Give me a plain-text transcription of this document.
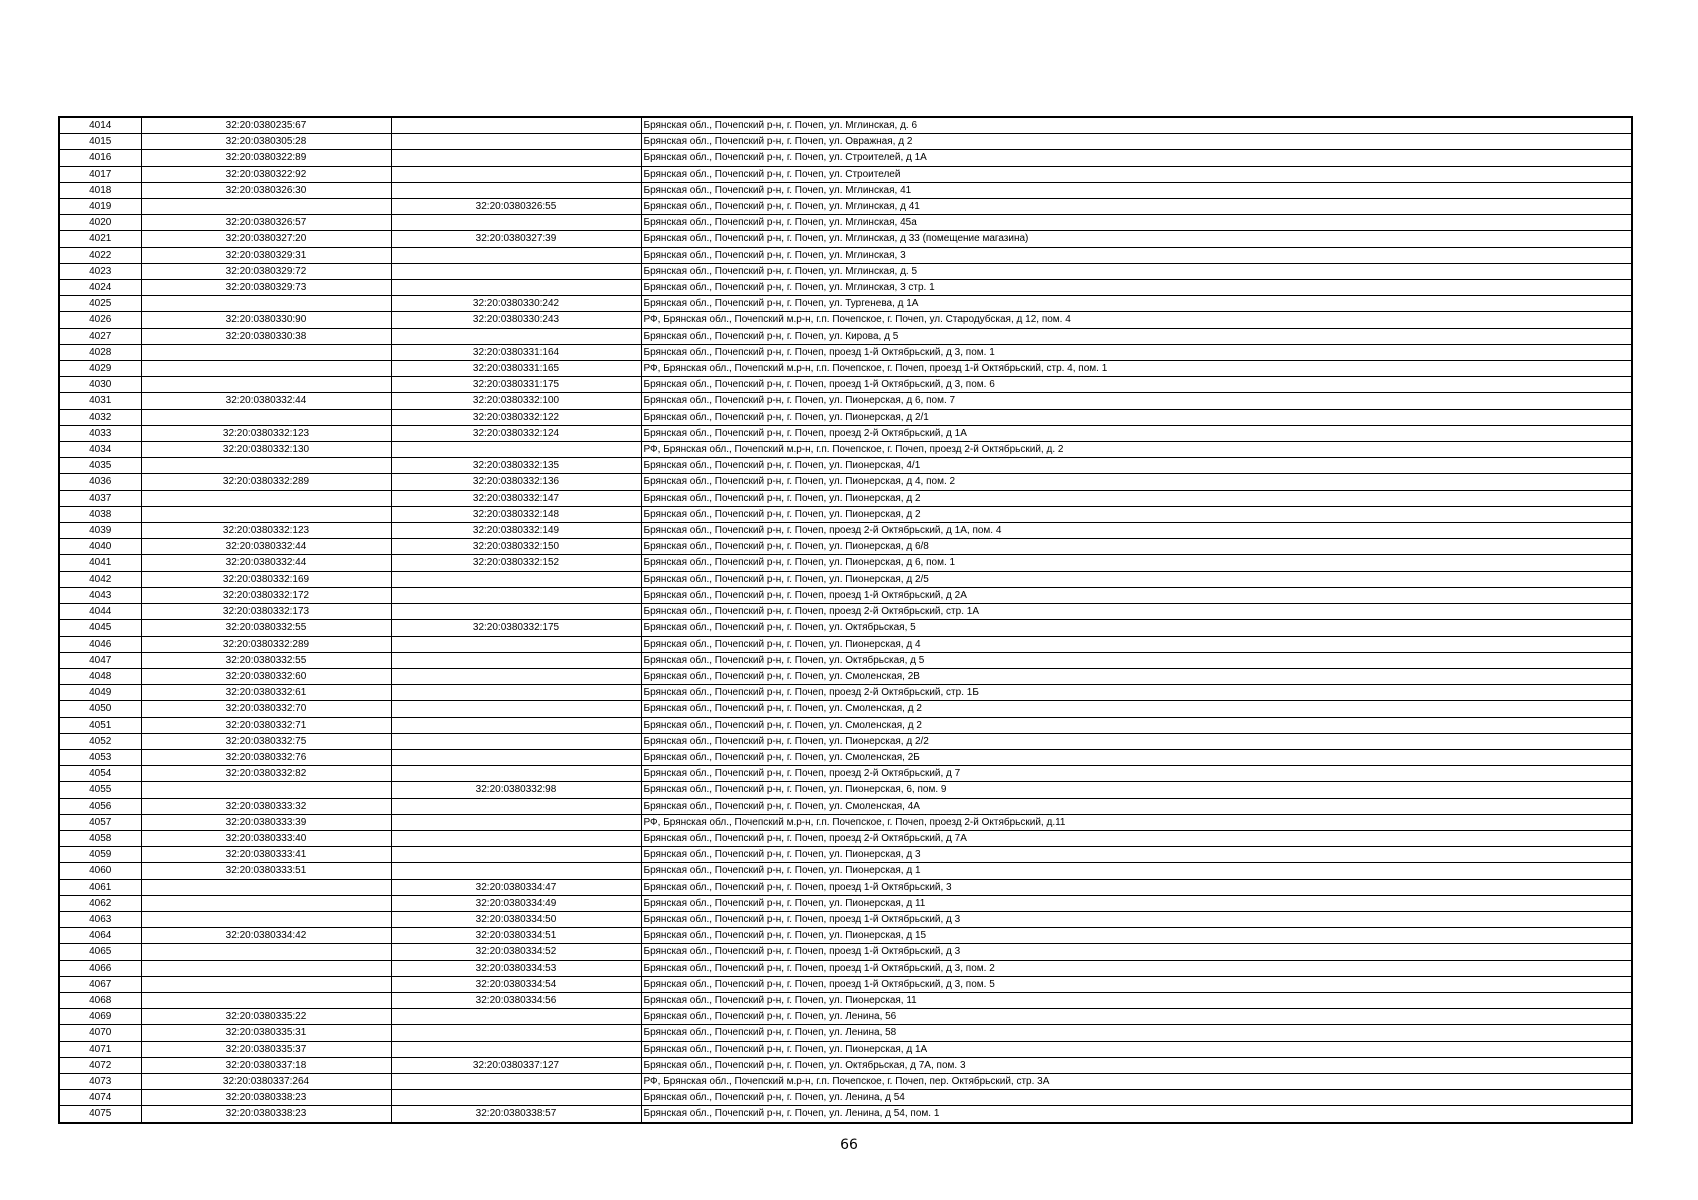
4014	32:20:0380235:67		Брянская обл., Почепский р-н, г. Почеп, ул. Мглинская, д. 6
4015	32:20:0380305:28		Брянская обл., Почепский р-н, г. Почеп, ул. Овражная, д 2
4016	32:20:0380322:89		Брянская обл., Почепский р-н, г. Почеп, ул. Строителей, д 1А
4017	32:20:0380322:92		Брянская обл., Почепский р-н, г. Почеп, ул. Строителей
4018	32:20:0380326:30		Брянская обл., Почепский р-н, г. Почеп, ул. Мглинская, 41
4019		32:20:0380326:55	Брянская обл., Почепский р-н, г. Почеп, ул. Мглинская, д 41
4020	32:20:0380326:57		Брянская обл., Почепский р-н, г. Почеп, ул. Мглинская, 45а
4021	32:20:0380327:20	32:20:0380327:39	Брянская обл., Почепский р-н, г. Почеп, ул. Мглинская, д 33 (помещение магазина)
4022	32:20:0380329:31		Брянская обл., Почепский р-н, г. Почеп, ул. Мглинская, 3
4023	32:20:0380329:72		Брянская обл., Почепский р-н, г. Почеп, ул. Мглинская, д. 5
4024	32:20:0380329:73		Брянская обл., Почепский р-н, г. Почеп, ул. Мглинская, 3 стр. 1
4025		32:20:0380330:242	Брянская обл., Почепский р-н, г. Почеп, ул. Тургенева, д 1А
4026	32:20:0380330:90	32:20:0380330:243	РФ, Брянская обл., Почепский м.р-н, г.п. Почепское, г. Почеп, ул. Стародубская, д 12, пом. 4
4027	32:20:0380330:38		Брянская обл., Почепский р-н, г. Почеп, ул. Кирова, д 5
4028		32:20:0380331:164	Брянская обл., Почепский р-н, г. Почеп, проезд 1-й Октябрьский, д 3, пом. 1
4029		32:20:0380331:165	РФ, Брянская обл., Почепский м.р-н, г.п. Почепское, г. Почеп, проезд 1-й Октябрьский, стр. 4, пом. 1
4030		32:20:0380331:175	Брянская обл., Почепский р-н, г. Почеп, проезд 1-й Октябрьский, д 3, пом. 6
4031	32:20:0380332:44	32:20:0380332:100	Брянская обл., Почепский р-н, г. Почеп, ул. Пионерская, д 6, пом. 7
4032		32:20:0380332:122	Брянская обл., Почепский р-н, г. Почеп, ул. Пионерская, д 2/1
4033	32:20:0380332:123	32:20:0380332:124	Брянская обл., Почепский р-н, г. Почеп, проезд 2-й Октябрьский, д 1А
4034	32:20:0380332:130		РФ, Брянская обл., Почепский м.р-н, г.п. Почепское, г. Почеп, проезд 2-й Октябрьский, д. 2
4035		32:20:0380332:135	Брянская обл., Почепский р-н, г. Почеп, ул. Пионерская, 4/1
4036	32:20:0380332:289	32:20:0380332:136	Брянская обл., Почепский р-н, г. Почеп, ул. Пионерская, д 4, пом. 2
4037		32:20:0380332:147	Брянская обл., Почепский р-н, г. Почеп, ул. Пионерская, д 2
4038		32:20:0380332:148	Брянская обл., Почепский р-н, г. Почеп, ул. Пионерская, д 2
4039	32:20:0380332:123	32:20:0380332:149	Брянская обл., Почепский р-н, г. Почеп, проезд 2-й Октябрьский, д 1А, пом. 4
4040	32:20:0380332:44	32:20:0380332:150	Брянская обл., Почепский р-н, г. Почеп, ул. Пионерская, д 6/8
4041	32:20:0380332:44	32:20:0380332:152	Брянская обл., Почепский р-н, г. Почеп, ул. Пионерская, д 6, пом. 1
4042	32:20:0380332:169		Брянская обл., Почепский р-н, г. Почеп, ул. Пионерская, д 2/5
4043	32:20:0380332:172		Брянская обл., Почепский р-н, г. Почеп, проезд 1-й Октябрьский, д 2А
4044	32:20:0380332:173		Брянская обл., Почепский р-н, г. Почеп, проезд 2-й Октябрьский, стр. 1А
4045	32:20:0380332:55	32:20:0380332:175	Брянская обл., Почепский р-н, г. Почеп, ул. Октябрьская, 5
4046	32:20:0380332:289		Брянская обл., Почепский р-н, г. Почеп, ул. Пионерская, д 4
4047	32:20:0380332:55		Брянская обл., Почепский р-н, г. Почеп, ул. Октябрьская, д 5
4048	32:20:0380332:60		Брянская обл., Почепский р-н, г. Почеп, ул. Смоленская, 2В
4049	32:20:0380332:61		Брянская обл., Почепский р-н, г. Почеп, проезд 2-й Октябрьский, стр. 1Б
4050	32:20:0380332:70		Брянская обл., Почепский р-н, г. Почеп, ул. Смоленская, д 2
4051	32:20:0380332:71		Брянская обл., Почепский р-н, г. Почеп, ул. Смоленская, д 2
4052	32:20:0380332:75		Брянская обл., Почепский р-н, г. Почеп, ул. Пионерская, д 2/2
4053	32:20:0380332:76		Брянская обл., Почепский р-н, г. Почеп, ул. Смоленская, 2Б
4054	32:20:0380332:82		Брянская обл., Почепский р-н, г. Почеп, проезд 2-й Октябрьский, д 7
4055		32:20:0380332:98	Брянская обл., Почепский р-н, г. Почеп, ул. Пионерская, 6, пом. 9
4056	32:20:0380333:32		Брянская обл., Почепский р-н, г. Почеп, ул. Смоленская, 4А
4057	32:20:0380333:39		РФ, Брянская обл., Почепский м.р-н, г.п. Почепское, г. Почеп, проезд 2-й Октябрьский, д.11
4058	32:20:0380333:40		Брянская обл., Почепский р-н, г. Почеп, проезд 2-й Октябрьский, д 7А
4059	32:20:0380333:41		Брянская обл., Почепский р-н, г. Почеп, ул. Пионерская, д 3
4060	32:20:0380333:51		Брянская обл., Почепский р-н, г. Почеп, ул. Пионерская, д 1
4061		32:20:0380334:47	Брянская обл., Почепский р-н, г. Почеп, проезд 1-й Октябрьский, 3
4062		32:20:0380334:49	Брянская обл., Почепский р-н, г. Почеп, ул. Пионерская, д 11
4063		32:20:0380334:50	Брянская обл., Почепский р-н, г. Почеп, проезд 1-й Октябрьский, д 3
4064	32:20:0380334:42	32:20:0380334:51	Брянская обл., Почепский р-н, г. Почеп, ул. Пионерская, д 15
4065		32:20:0380334:52	Брянская обл., Почепский р-н, г. Почеп, проезд 1-й Октябрьский, д 3
4066		32:20:0380334:53	Брянская обл., Почепский р-н, г. Почеп, проезд 1-й Октябрьский, д 3, пом. 2
4067		32:20:0380334:54	Брянская обл., Почепский р-н, г. Почеп, проезд 1-й Октябрьский, д 3, пом. 5
4068		32:20:0380334:56	Брянская обл., Почепский р-н, г. Почеп, ул. Пионерская, 11
4069	32:20:0380335:22		Брянская обл., Почепский р-н, г. Почеп, ул. Ленина, 56
4070	32:20:0380335:31		Брянская обл., Почепский р-н, г. Почеп, ул. Ленина, 58
4071	32:20:0380335:37		Брянская обл., Почепский р-н, г. Почеп, ул. Пионерская, д 1А
4072	32:20:0380337:18	32:20:0380337:127	Брянская обл., Почепский р-н, г. Почеп, ул. Октябрьская, д 7А, пом. 3
4073	32:20:0380337:264		РФ, Брянская обл., Почепский м.р-н, г.п. Почепское, г. Почеп, пер. Октябрьский, стр. 3А
4074	32:20:0380338:23		Брянская обл., Почепский р-н, г. Почеп, ул. Ленина, д 54
4075	32:20:0380338:23	32:20:0380338:57	Брянская обл., Почепский р-н, г. Почеп, ул. Ленина, д 54, пом. 1
66
